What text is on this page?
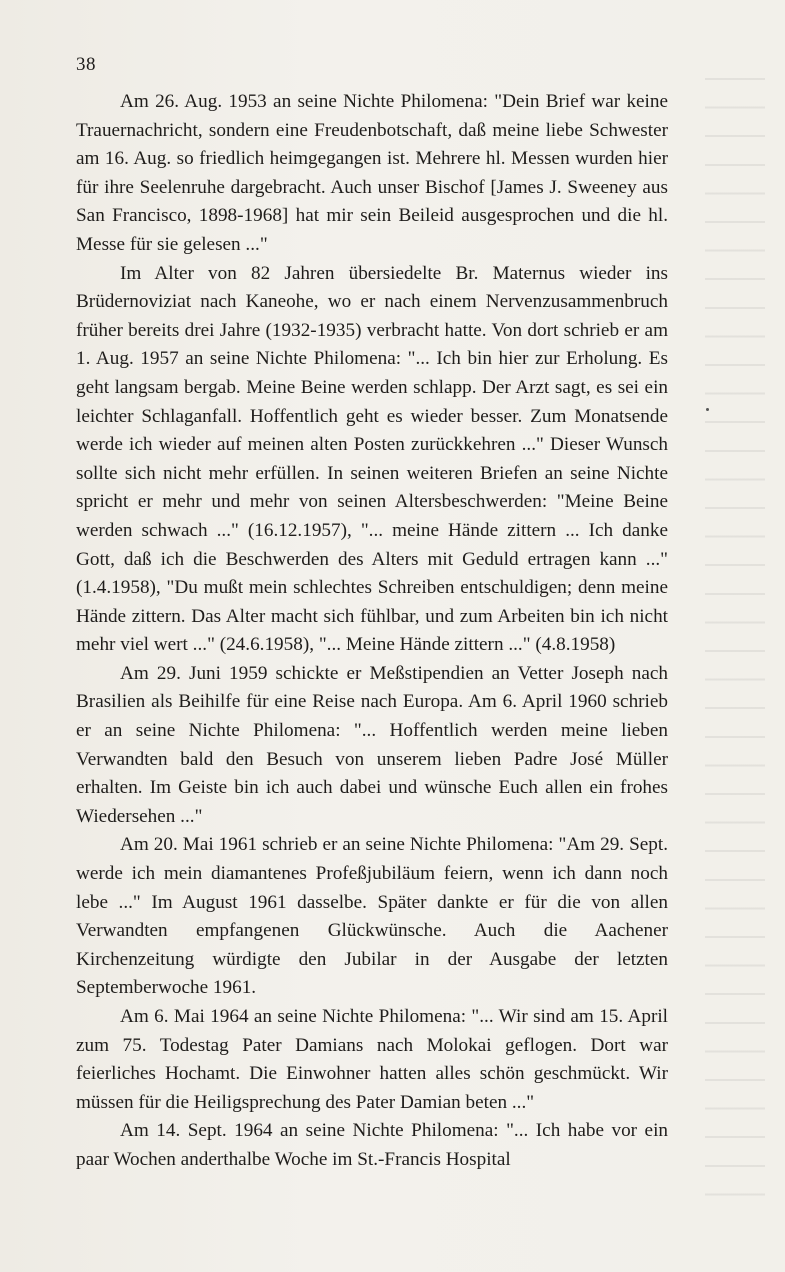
38

Am 26. Aug. 1953 an seine Nichte Philomena: "Dein Brief war keine Trauernachricht, sondern eine Freudenbotschaft, daß meine liebe Schwester am 16. Aug. so friedlich heimgegangen ist. Mehrere hl. Messen wurden hier für ihre Seelenruhe dargebracht. Auch unser Bischof [James J. Sweeney aus San Francisco, 1898-1968] hat mir sein Beileid ausgesprochen und die hl. Messe für sie gelesen ..."

Im Alter von 82 Jahren übersiedelte Br. Maternus wieder ins Brüdernoviziat nach Kaneohe, wo er nach einem Nervenzusammenbruch früher bereits drei Jahre (1932-1935) verbracht hatte. Von dort schrieb er am 1. Aug. 1957 an seine Nichte Philomena: "... Ich bin hier zur Erholung. Es geht langsam bergab. Meine Beine werden schlapp. Der Arzt sagt, es sei ein leichter Schlaganfall. Hoffentlich geht es wieder besser. Zum Monatsende werde ich wieder auf meinen alten Posten zurückkehren ..." Dieser Wunsch sollte sich nicht mehr erfüllen. In seinen weiteren Briefen an seine Nichte spricht er mehr und mehr von seinen Altersbeschwerden: "Meine Beine werden schwach ..." (16.12.1957), "... meine Hände zittern ... Ich danke Gott, daß ich die Beschwerden des Alters mit Geduld ertragen kann ..." (1.4.1958), "Du mußt mein schlechtes Schreiben entschuldigen; denn meine Hände zittern. Das Alter macht sich fühlbar, und zum Arbeiten bin ich nicht mehr viel wert ..." (24.6.1958), "... Meine Hände zittern ..." (4.8.1958)

Am 29. Juni 1959 schickte er Meßstipendien an Vetter Joseph nach Brasilien als Beihilfe für eine Reise nach Europa. Am 6. April 1960 schrieb er an seine Nichte Philomena: "... Hoffentlich werden meine lieben Verwandten bald den Besuch von unserem lieben Padre José Müller erhalten. Im Geiste bin ich auch dabei und wünsche Euch allen ein frohes Wiedersehen ..."

Am 20. Mai 1961 schrieb er an seine Nichte Philomena: "Am 29. Sept. werde ich mein diamantenes Profeßjubiläum feiern, wenn ich dann noch lebe ..." Im August 1961 dasselbe. Später dankte er für die von allen Verwandten empfangenen Glückwünsche. Auch die Aachener Kirchenzeitung würdigte den Jubilar in der Ausgabe der letzten Septemberwoche 1961.

Am 6. Mai 1964 an seine Nichte Philomena: "... Wir sind am 15. April zum 75. Todestag Pater Damians nach Molokai geflogen. Dort war feierliches Hochamt. Die Einwohner hatten alles schön geschmückt. Wir müssen für die Heiligsprechung des Pater Damian beten ..."

Am 14. Sept. 1964 an seine Nichte Philomena: "... Ich habe vor ein paar Wochen anderthalbe Woche im St.-Francis Hospital
